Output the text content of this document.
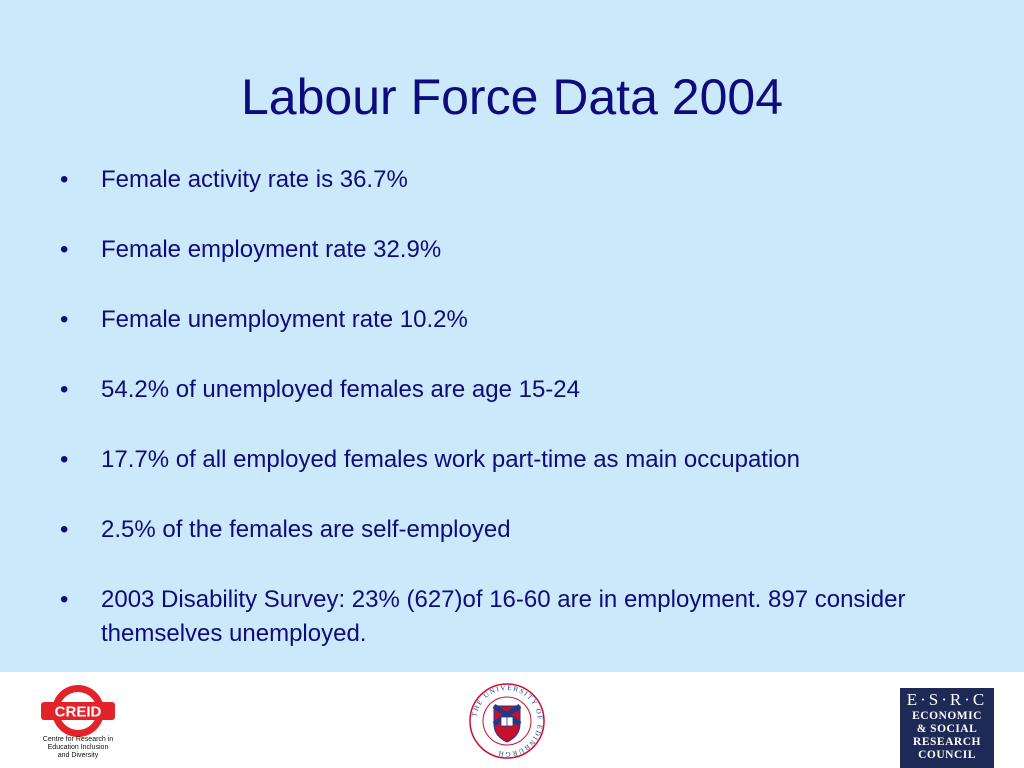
Labour Force Data 2004
• Female activity rate is 36.7%
• Female employment rate 32.9%
• Female unemployment rate 10.2%
• 54.2% of unemployed females are age 15-24
• 17.7% of all employed females work part-time as main occupation
• 2.5% of the females are self-employed
• 2003 Disability Survey: 23% (627)of 16-60 are in employment. 897 consider themselves unemployed.
CREID
Centre for Research in
Education Inclusion
and Diversity
THE UNIVERSITY OF EDINBURGH
E·S·R·C
ECONOMIC
& SOCIAL
RESEARCH
COUNCIL
